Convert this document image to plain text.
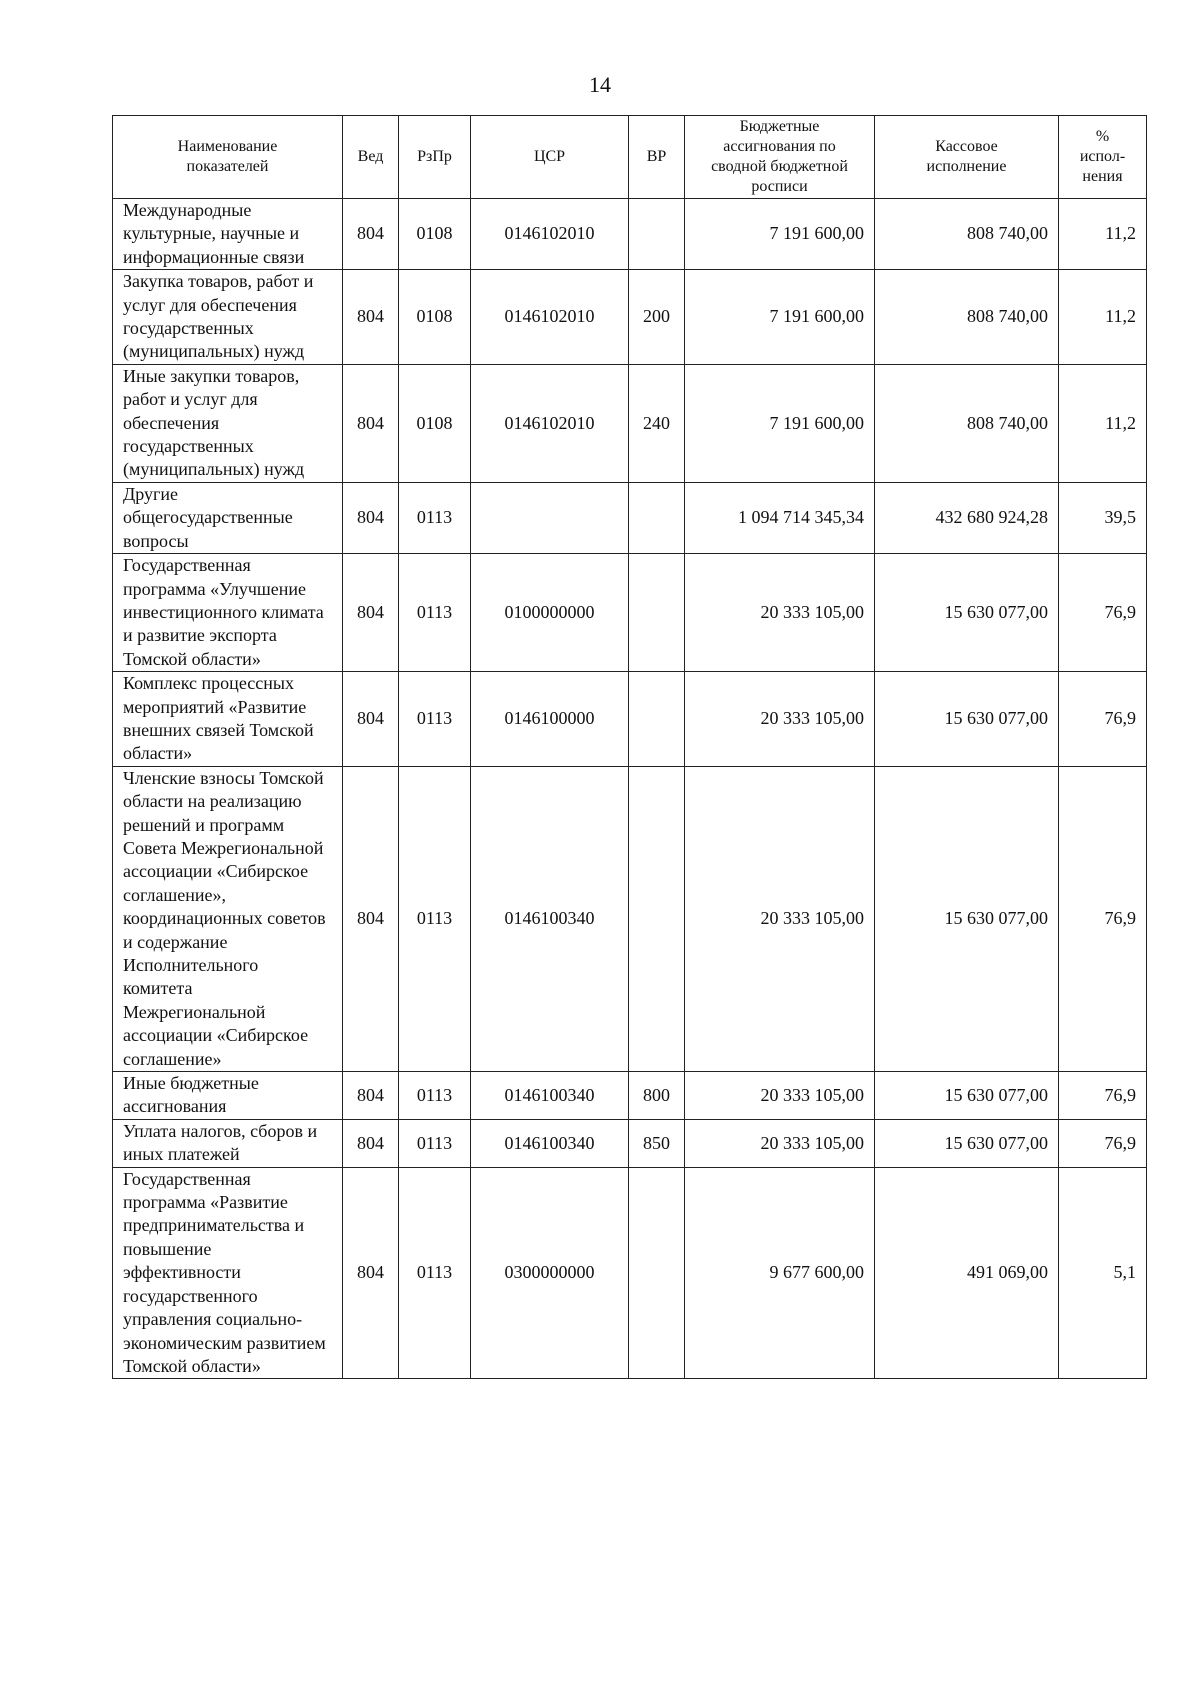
14
Наименование показателей	Вед	РзПр	ЦСР	ВР	Бюджетные ассигнования по сводной бюджетной росписи	Кассовое исполнение	% испол-нения
Международные культурные, научные и информационные связи	804	0108	0146102010		7 191 600,00	808 740,00	11,2
Закупка товаров, работ и услуг для обеспечения государственных (муниципальных) нужд	804	0108	0146102010	200	7 191 600,00	808 740,00	11,2
Иные закупки товаров, работ и услуг для обеспечения государственных (муниципальных) нужд	804	0108	0146102010	240	7 191 600,00	808 740,00	11,2
Другие общегосударственные вопросы	804	0113			1 094 714 345,34	432 680 924,28	39,5
Государственная программа «Улучшение инвестиционного климата и развитие экспорта Томской области»	804	0113	0100000000		20 333 105,00	15 630 077,00	76,9
Комплекс процессных мероприятий «Развитие внешних связей Томской области»	804	0113	0146100000		20 333 105,00	15 630 077,00	76,9
Членские взносы Томской области на реализацию решений и программ Совета Межрегиональной ассоциации «Сибирское соглашение», координационных советов и содержание Исполнительного комитета Межрегиональной ассоциации «Сибирское соглашение»	804	0113	0146100340		20 333 105,00	15 630 077,00	76,9
Иные бюджетные ассигнования	804	0113	0146100340	800	20 333 105,00	15 630 077,00	76,9
Уплата налогов, сборов и иных платежей	804	0113	0146100340	850	20 333 105,00	15 630 077,00	76,9
Государственная программа «Развитие предпринимательства и повышение эффективности государственного управления социально-экономическим развитием Томской области»	804	0113	0300000000		9 677 600,00	491 069,00	5,1
